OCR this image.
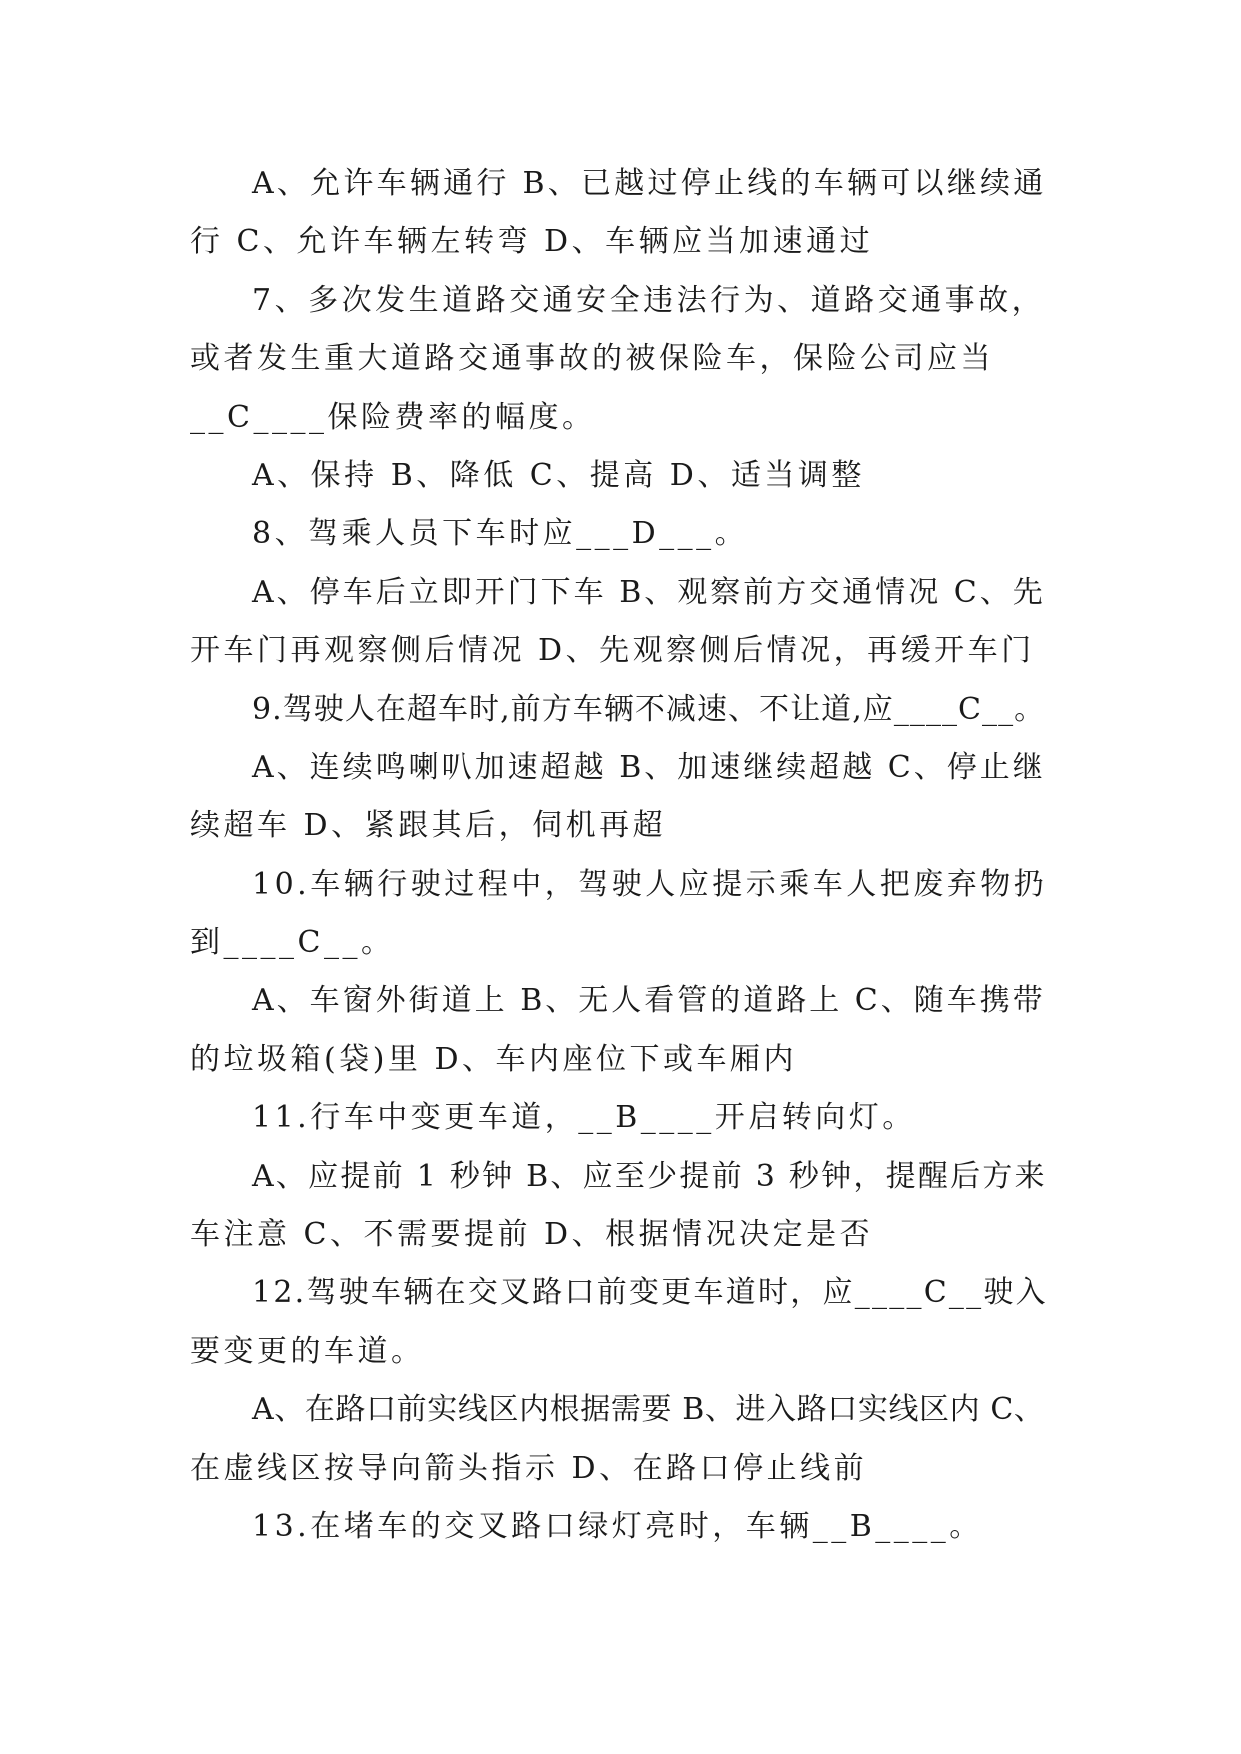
A、允许车辆通行 B、已越过停止线的车辆可以继续通
行 C、允许车辆左转弯 D、车辆应当加速通过
7、多次发生道路交通安全违法行为、道路交通事故，
或者发生重大道路交通事故的被保险车，保险公司应当
__C____保险费率的幅度。
A、保持 B、降低 C、提高 D、适当调整
8、驾乘人员下车时应___D___。
A、停车后立即开门下车 B、观察前方交通情况 C、先
开车门再观察侧后情况 D、先观察侧后情况，再缓开车门
9.驾驶人在超车时,前方车辆不减速、不让道,应____C__。
A、连续鸣喇叭加速超越 B、加速继续超越 C、停止继
续超车 D、紧跟其后，伺机再超
10.车辆行驶过程中，驾驶人应提示乘车人把废弃物扔
到____C__。
A、车窗外街道上 B、无人看管的道路上 C、随车携带
的垃圾箱(袋)里 D、车内座位下或车厢内
11.行车中变更车道，__B____开启转向灯。
A、应提前 1 秒钟 B、应至少提前 3 秒钟，提醒后方来
车注意 C、不需要提前 D、根据情况决定是否
12.驾驶车辆在交叉路口前变更车道时，应____C__驶入
要变更的车道。
A、在路口前实线区内根据需要 B、进入路口实线区内 C、
在虚线区按导向箭头指示 D、在路口停止线前
13.在堵车的交叉路口绿灯亮时，车辆__B____。
